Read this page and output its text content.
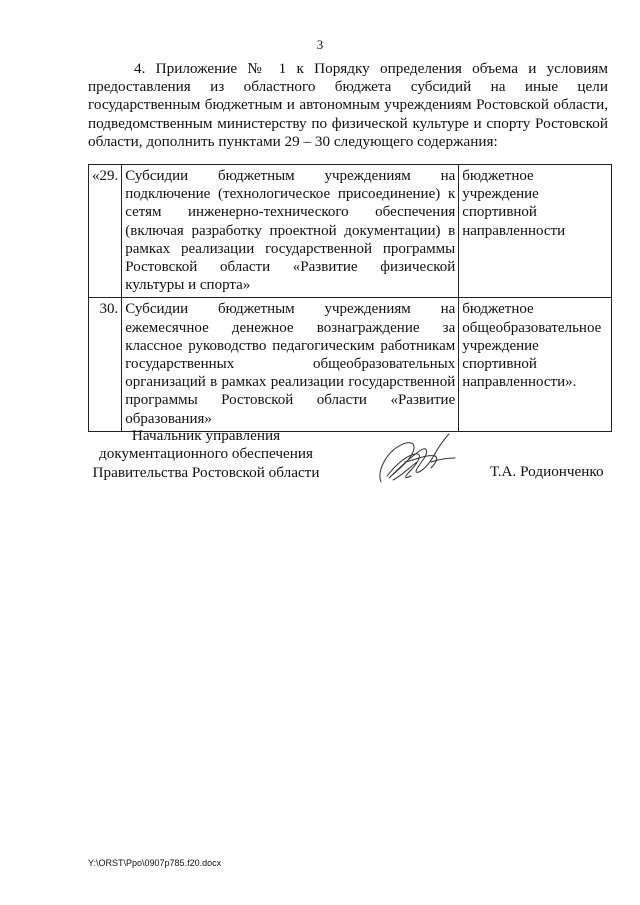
3

4. Приложение № 1 к Порядку определения объема и условиям предоставления из областного бюджета субсидий на иные цели государственным бюджетным и автономным учреждениям Ростовской области, подведомственным министерству по физической культуре и спорту Ростовской области, дополнить пунктами 29 – 30 следующего содержания:

«29.	Субсидии бюджетным учреждениям на подключение (технологическое присоединение) к сетям инженерно-технического обеспечения (включая разработку проектной документации) в рамках реализации государственной программы Ростовской области «Развитие физической культуры и спорта»	бюджетное учреждение спортивной направленности
30.	Субсидии бюджетным учреждениям на ежемесячное денежное вознаграждение за классное руководство педагогическим работникам государственных общеобразовательных организаций в рамках реализации государственной программы Ростовской области «Развитие образования»	бюджетное общеобразовательное учреждение спортивной направленности».
Начальник управления
документационного обеспечения
Правительства Ростовской области	Т.А. Родионченко
Y:\ORST\Ppo\0907p785.f20.docx
